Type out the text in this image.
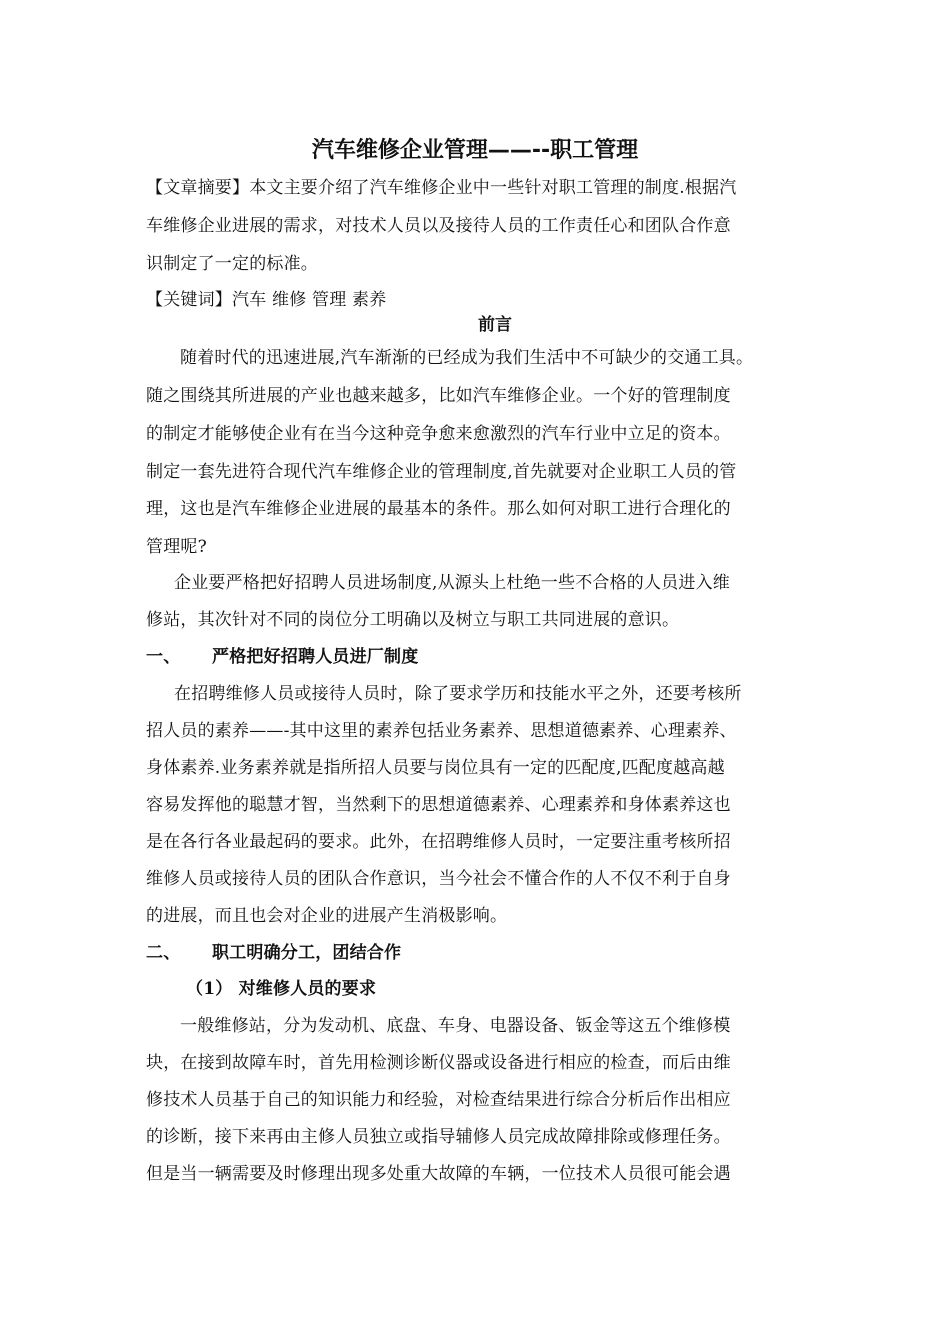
汽车维修企业管理——--职工管理
【文章摘要】本文主要介绍了汽车维修企业中一些针对职工管理的制度.根据汽
车维修企业进展的需求，对技术人员以及接待人员的工作责任心和团队合作意
识制定了一定的标准。
【关键词】汽车 维修 管理 素养
前言
随着时代的迅速进展,汽车渐渐的已经成为我们生活中不可缺少的交通工具。
随之围绕其所进展的产业也越来越多，比如汽车维修企业。一个好的管理制度
的制定才能够使企业有在当今这种竞争愈来愈激烈的汽车行业中立足的资本。
制定一套先进符合现代汽车维修企业的管理制度,首先就要对企业职工人员的管
理，这也是汽车维修企业进展的最基本的条件。那么如何对职工进行合理化的
管理呢?
企业要严格把好招聘人员进场制度,从源头上杜绝一些不合格的人员进入维
修站，其次针对不同的岗位分工明确以及树立与职工共同进展的意识。
一、 严格把好招聘人员进厂制度
在招聘维修人员或接待人员时，除了要求学历和技能水平之外，还要考核所
招人员的素养——-其中这里的素养包括业务素养、思想道德素养、心理素养、
身体素养.业务素养就是指所招人员要与岗位具有一定的匹配度,匹配度越高越
容易发挥他的聪慧才智，当然剩下的思想道德素养、心理素养和身体素养这也
是在各行各业最起码的要求。此外，在招聘维修人员时，一定要注重考核所招
维修人员或接待人员的团队合作意识，当今社会不懂合作的人不仅不利于自身
的进展，而且也会对企业的进展产生消极影响。
二、 职工明确分工，团结合作
（1） 对维修人员的要求
一般维修站，分为发动机、底盘、车身、电器设备、钣金等这五个维修模
块，在接到故障车时，首先用检测诊断仪器或设备进行相应的检查，而后由维
修技术人员基于自己的知识能力和经验，对检查结果进行综合分析后作出相应
的诊断，接下来再由主修人员独立或指导辅修人员完成故障排除或修理任务。
但是当一辆需要及时修理出现多处重大故障的车辆，一位技术人员很可能会遇
